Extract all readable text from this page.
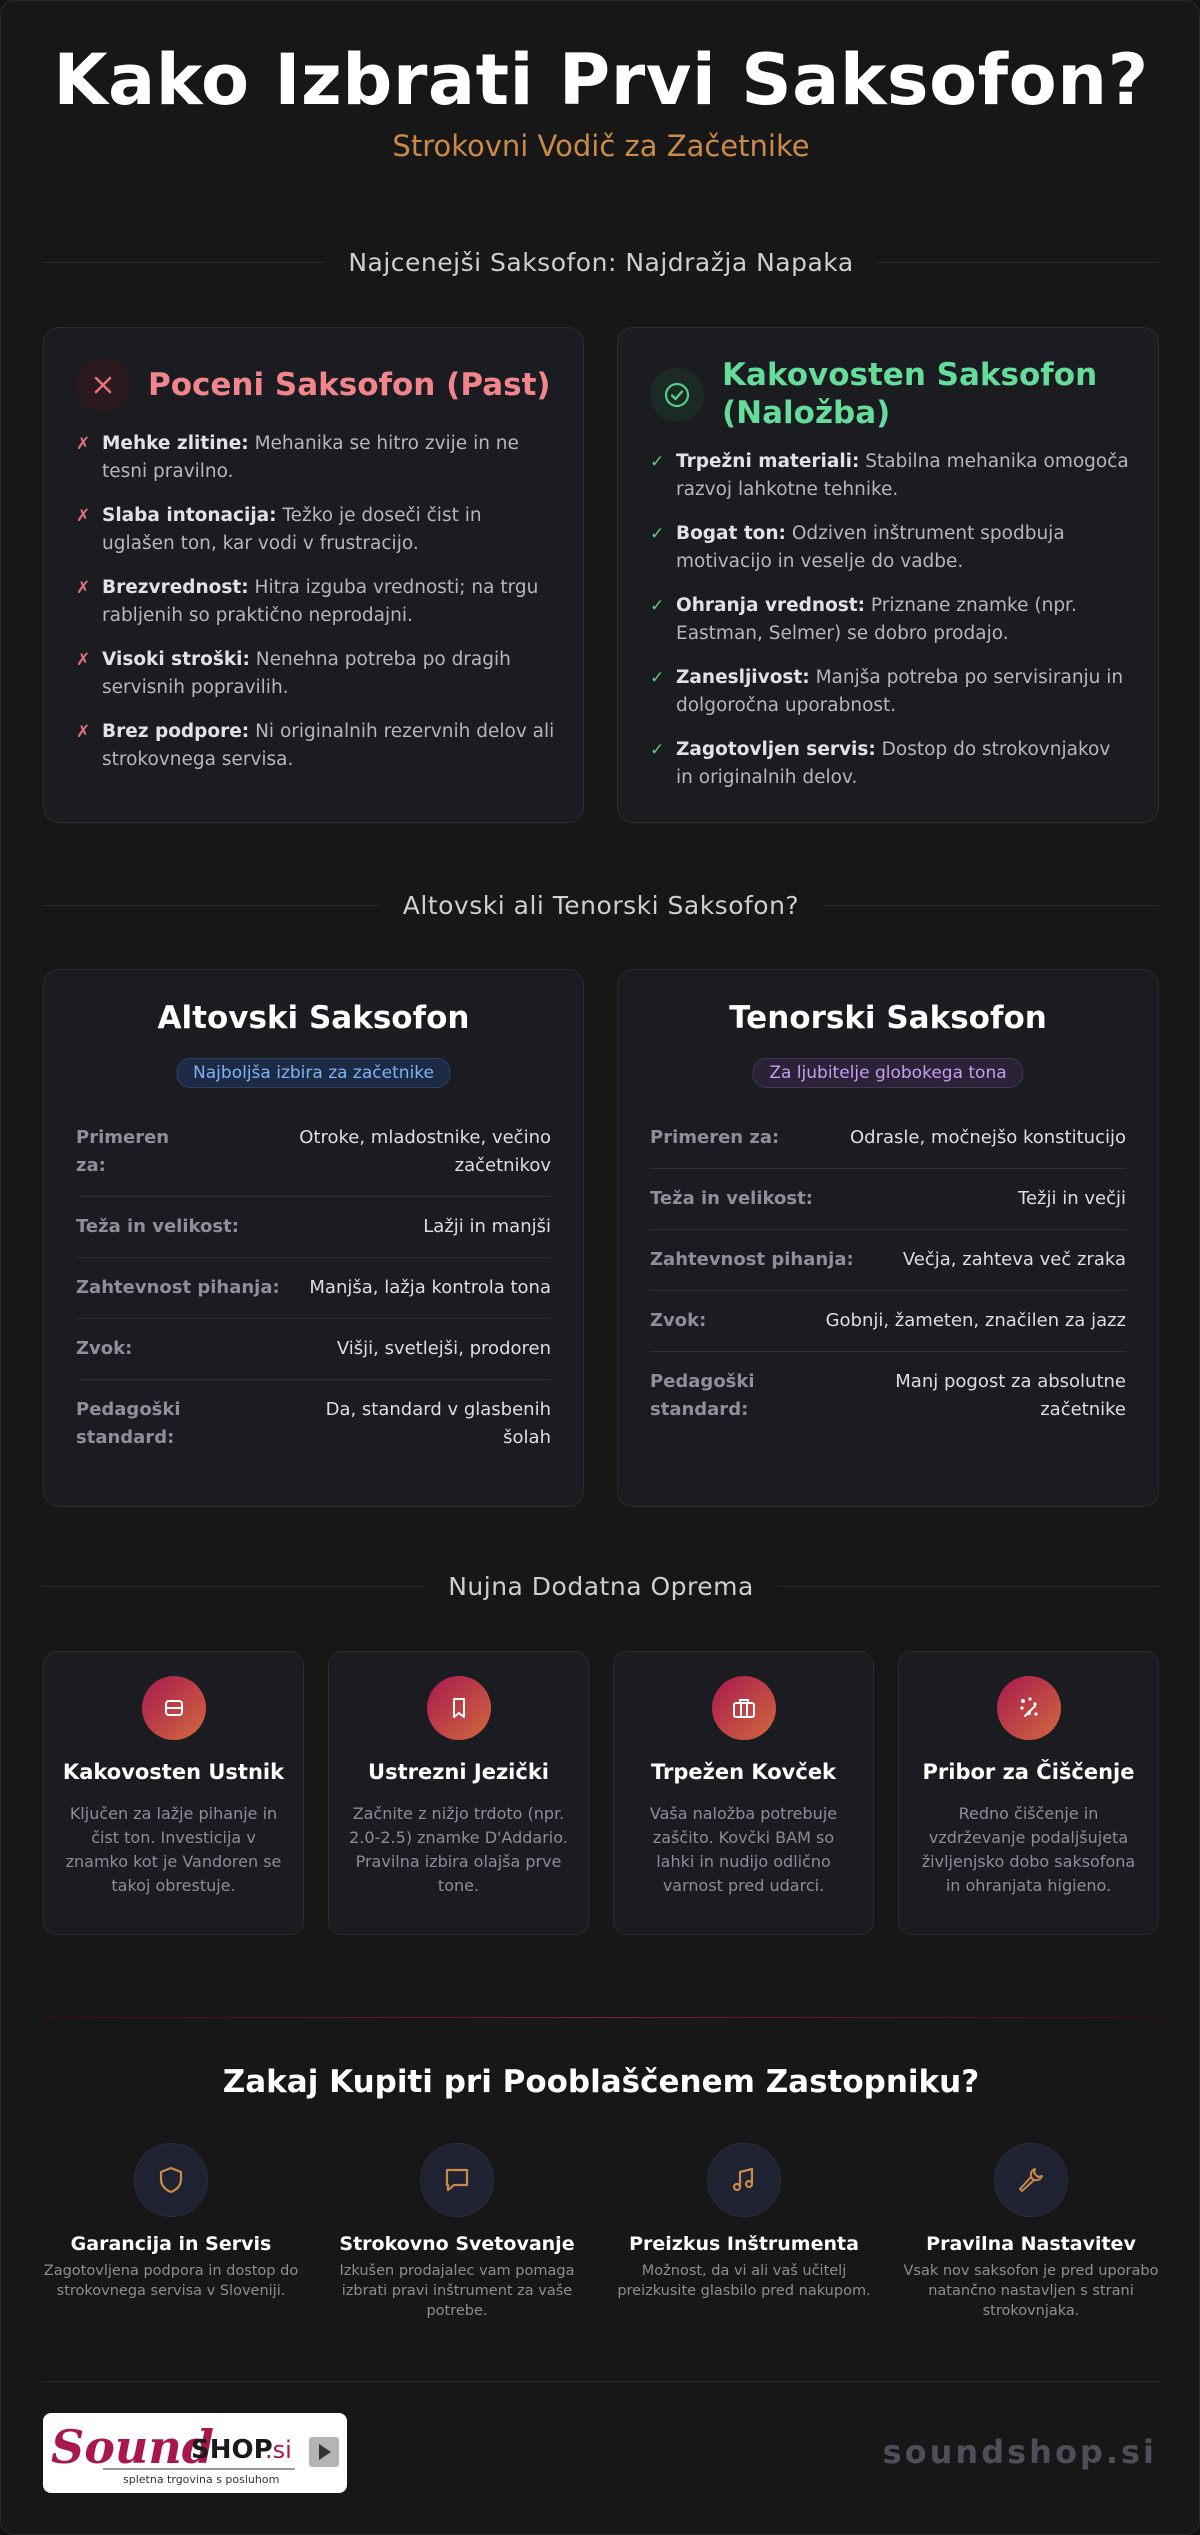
Kako Izbrati Prvi Saksofon?
Strokovni Vodič za Začetnike
Najcenejši Saksofon: Najdražja Napaka
Poceni Saksofon (Past)
✗ Mehke zlitine: Mehanika se hitro zvije in ne tesni pravilno.
✗ Slaba intonacija: Težko je doseči čist in uglašen ton, kar vodi v frustracijo.
✗ Brezvrednost: Hitra izguba vrednosti; na trgu rabljenih so praktično neprodajni.
✗ Visoki stroški: Nenehna potreba po dragih servisnih popravilih.
✗ Brez podpore: Ni originalnih rezervnih delov ali strokovnega servisa.
Kakovosten Saksofon (Naložba)
✓ Trpežni materiali: Stabilna mehanika omogoča razvoj lahkotne tehnike.
✓ Bogat ton: Odziven inštrument spodbuja motivacijo in veselje do vadbe.
✓ Ohranja vrednost: Priznane znamke (npr. Eastman, Selmer) se dobro prodajo.
✓ Zanesljivost: Manjša potreba po servisiranju in dolgoročna uporabnost.
✓ Zagotovljen servis: Dostop do strokovnjakov in originalnih delov.
Altovski ali Tenorski Saksofon?
Altovski Saksofon
Najboljša izbira za začetnike
Primeren za:
Otroke, mladostnike, večino začetnikov
Teža in velikost:	Lažji in manjši
Zahtevnost pihanja: Manjša, lažja kontrola tona
Zvok:	Višji, svetlejši, prodoren
Pedagoški standard:
Da, standard v glasbenih šolah
Tenorski Saksofon
Za ljubitelje globokega tona
Primeren za:	Odrasle, močnejšo konstitucijo
Teža in velikost:	Težji in večji
Zahtevnost pihanja:	Večja, zahteva več zraka
Zvok:	Gobnji, žameten, značilen za jazz
Pedagoški standard:
Manj pogost za absolutne začetnike
Nujna Dodatna Oprema
Kakovosten Ustnik
Ključen za lažje pihanje in čist ton. Investicija v znamko kot je Vandoren se takoj obrestuje.
Ustrezni Jezički
Začnite z nižjo trdoto (npr. 2.0-2.5) znamke D'Addario. Pravilna izbira olajša prve tone.
Trpežen Kovček
Vaša naložba potrebuje zaščito. Kovčki BAM so lahki in nudijo odlično varnost pred udarci.
Pribor za Čiščenje
Redno čiščenje in vzdrževanje podaljšujeta življenjsko dobo saksofona in ohranjata higieno.
Zakaj Kupiti pri Pooblaščenem Zastopniku?
Garancija in Servis
Zagotovljena podpora in dostop do strokovnega servisa v Sloveniji.
Strokovno Svetovanje
Izkušen prodajalec vam pomaga izbrati pravi inštrument za vaše potrebe.
Preizkus Inštrumenta
Možnost, da vi ali vaš učitelj preizkusite glasbilo pred nakupom.
Pravilna Nastavitev
Vsak nov saksofon je pred uporabo natančno nastavljen s strani strokovnjaka.
Sound
SHOP
.si
spletna trgovina s posluhom
soundshop.si
